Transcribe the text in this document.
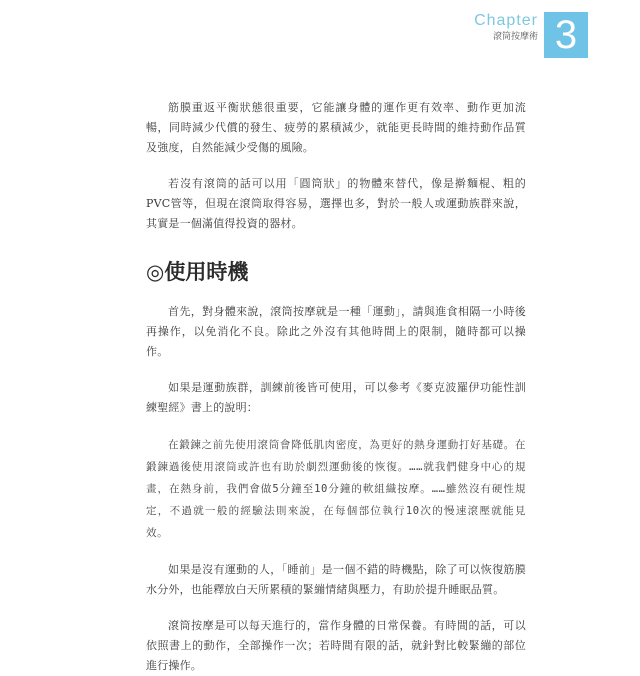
Chapter
滾筒按摩術 3

筋膜重返平衡狀態很重要，它能讓身體的運作更有效率、動作更加流暢，同時減少代償的發生、疲勞的累積減少，就能更長時間的維持動作品質及強度，自然能減少受傷的風險。

若沒有滾筒的話可以用「圓筒狀」的物體來替代，像是擀麵棍、粗的PVC管等，但現在滾筒取得容易，選擇也多，對於一般人或運動族群來說，其實是一個滿值得投資的器材。

◎使用時機

首先，對身體來說，滾筒按摩就是一種「運動」，請與進食相隔一小時後再操作，以免消化不良。除此之外沒有其他時間上的限制，隨時都可以操作。

如果是運動族群，訓練前後皆可使用，可以參考《麥克波羅伊功能性訓練聖經》書上的說明：

在鍛鍊之前先使用滾筒會降低肌肉密度，為更好的熱身運動打好基礎。在鍛鍊過後使用滾筒或許也有助於劇烈運動後的恢復。……就我們健身中心的規畫，在熱身前，我們會做5分鐘至10分鐘的軟組織按摩。……雖然沒有硬性規定，不過就一般的經驗法則來說，在每個部位執行10次的慢速滾壓就能見效。

如果是沒有運動的人，「睡前」是一個不錯的時機點，除了可以恢復筋膜水分外，也能釋放白天所累積的緊繃情緒與壓力，有助於提升睡眠品質。

滾筒按摩是可以每天進行的，當作身體的日常保養。有時間的話，可以依照書上的動作，全部操作一次；若時間有限的話，就針對比較緊繃的部位進行操作。
